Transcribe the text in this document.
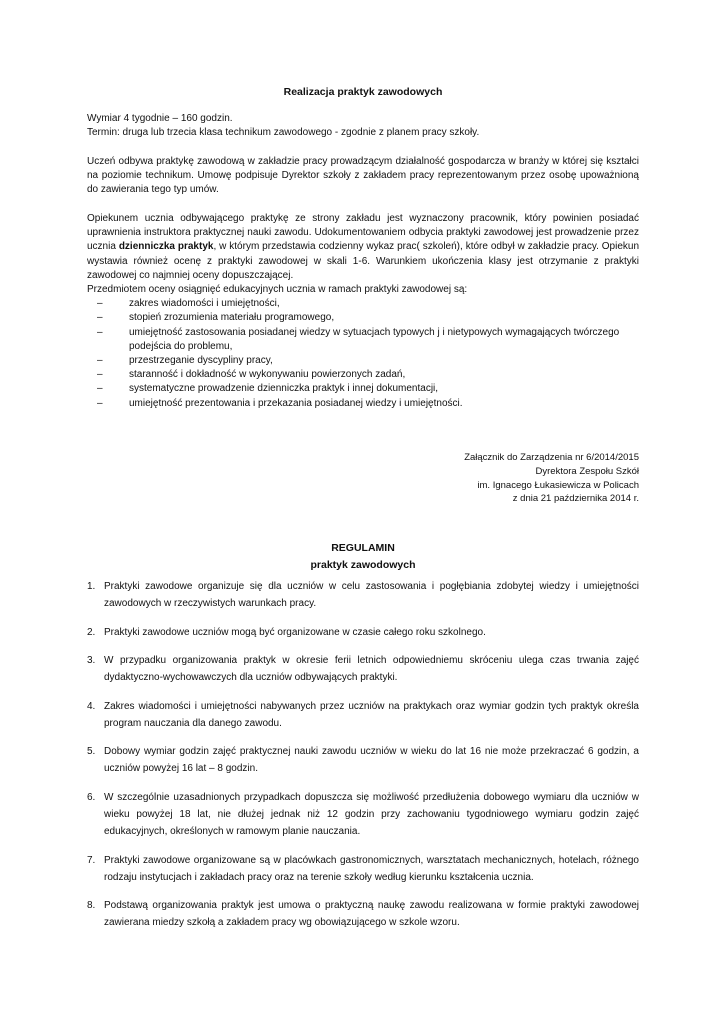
Realizacja praktyk zawodowych

Wymiar 4 tygodnie – 160 godzin.

Termin: druga lub trzecia klasa technikum zawodowego - zgodnie z planem pracy szkoły.

Uczeń odbywa praktykę zawodową w zakładzie pracy prowadzącym działalność gospodarcza w branży w której się kształci na poziomie technikum. Umowę podpisuje Dyrektor szkoły z zakładem pracy reprezentowanym przez osobę upoważnioną do zawierania tego typ umów.

Opiekunem ucznia odbywającego praktykę ze strony zakładu jest wyznaczony pracownik, który powinien posiadać uprawnienia instruktora praktycznej nauki zawodu. Udokumentowaniem odbycia praktyki zawodowej jest prowadzenie przez ucznia dzienniczka praktyk, w którym przedstawia codzienny wykaz prac( szkoleń), które odbył w zakładzie pracy. Opiekun wystawia również ocenę z praktyki zawodowej w skali 1-6. Warunkiem ukończenia klasy jest otrzymanie z praktyki zawodowej co najmniej oceny dopuszczającej.

Przedmiotem oceny osiągnięć edukacyjnych ucznia w ramach praktyki zawodowej są:

–	zakres wiadomości i umiejętności,
–	stopień zrozumienia materiału programowego,
–	umiejętność zastosowania posiadanej wiedzy w sytuacjach typowych j i nietypowych wymagających twórczego podejścia do problemu,
–	przestrzeganie dyscypliny pracy,
–	staranność i dokładność w wykonywaniu powierzonych zadań,
–	systematyczne prowadzenie dzienniczka praktyk i innej dokumentacji,
–	umiejętność prezentowania i przekazania posiadanej wiedzy i umiejętności.
Załącznik do Zarządzenia nr 6/2014/2015
Dyrektora Zespołu Szkół
im. Ignacego Łukasiewicza w Policach
z dnia 21 października 2014 r.
REGULAMIN
praktyk zawodowych
1. Praktyki zawodowe organizuje się dla uczniów w celu zastosowania i pogłębiania zdobytej wiedzy i umiejętności zawodowych w rzeczywistych warunkach pracy.
2. Praktyki zawodowe uczniów mogą być organizowane w czasie całego roku szkolnego.
3. W przypadku organizowania praktyk w okresie ferii letnich odpowiedniemu skróceniu ulega czas trwania zajęć dydaktyczno-wychowawczych dla uczniów odbywających praktyki.
4. Zakres wiadomości i umiejętności nabywanych przez uczniów na praktykach oraz wymiar godzin tych praktyk określa program nauczania dla danego zawodu.
5. Dobowy wymiar godzin zajęć praktycznej nauki zawodu uczniów w wieku do lat 16 nie może przekraczać 6 godzin, a uczniów powyżej 16 lat – 8 godzin.
6. W szczególnie uzasadnionych przypadkach dopuszcza się możliwość przedłużenia dobowego wymiaru dla uczniów w wieku powyżej 18 lat, nie dłużej jednak niż 12 godzin przy zachowaniu tygodniowego wymiaru godzin zajęć edukacyjnych, określonych w ramowym planie nauczania.
7. Praktyki zawodowe organizowane są w placówkach gastronomicznych, warsztatach mechanicznych, hotelach, różnego rodzaju instytucjach i zakładach pracy oraz na terenie szkoły według kierunku kształcenia ucznia.
8. Podstawą organizowania praktyk jest umowa o praktyczną naukę zawodu realizowana w formie praktyki zawodowej zawierana miedzy szkołą a zakładem pracy wg obowiązującego w szkole wzoru.
